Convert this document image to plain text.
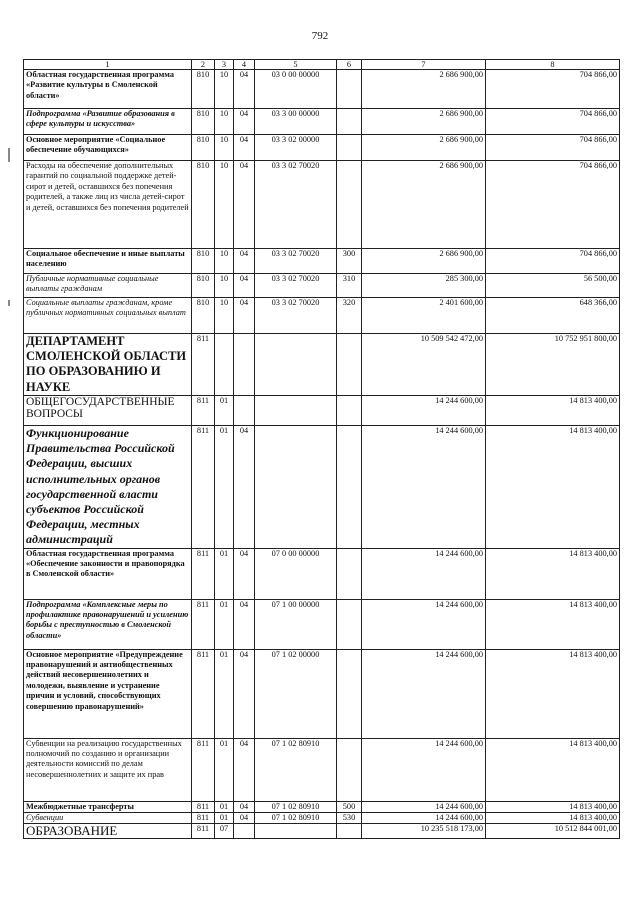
792
1	2	3	4	5	6	7	8
Областная государственная программа «Развитие культуры в Смоленской области»	810	10	04	03 0 00 00000		2 686 900,00	704 866,00
Подпрограмма «Развитие образования в сфере культуры и искусства»	810	10	04	03 3 00 00000		2 686 900,00	704 866,00
Основное мероприятие «Социальное обеспечение обучающихся»	810	10	04	03 3 02 00000		2 686 900,00	704 866,00
Расходы на обеспечение дополнительных гарантий по социальной поддержке детей-сирот и детей, оставшихся без попечения родителей, а также лиц из числа детей-сирот и детей, оставшихся без попечения родителей	810	10	04	03 3 02 70020		2 686 900,00	704 866,00
Социальное обеспечение и иные выплаты населению	810	10	04	03 3 02 70020	300	2 686 900,00	704 866,00
Публичные нормативные социальные выплаты гражданам	810	10	04	03 3 02 70020	310	285 300,00	56 500,00
Социальные выплаты гражданам, кроме публичных нормативных социальных выплат	810	10	04	03 3 02 70020	320	2 401 600,00	648 366,00
ДЕПАРТАМЕНТ СМОЛЕНСКОЙ ОБЛАСТИ ПО ОБРАЗОВАНИЮ И НАУКЕ	811					10 509 542 472,00	10 752 951 800,00
ОБЩЕГОСУДАРСТВЕННЫЕ ВОПРОСЫ	811	01				14 244 600,00	14 813 400,00
Функционирование Правительства Российской Федерации, высших исполнительных органов государственной власти субъектов Российской Федерации, местных администраций	811	01	04			14 244 600,00	14 813 400,00
Областная государственная программа «Обеспечение законности и правопорядка в Смоленской области»	811	01	04	07 0 00 00000		14 244 600,00	14 813 400,00
Подпрограмма «Комплексные меры по профилактике правонарушений и усилению борьбы с преступностью в Смоленской области»	811	01	04	07 1 00 00000		14 244 600,00	14 813 400,00
Основное мероприятие «Предупреждение правонарушений и антиобщественных действий несовершеннолетних и молодежи, выявление и устранение причин и условий, способствующих совершению правонарушений»	811	01	04	07 1 02 00000		14 244 600,00	14 813 400,00
Субвенции на реализацию государственных полномочий по созданию и организации деятельности комиссий по делам несовершеннолетних и защите их прав	811	01	04	07 1 02 80910		14 244 600,00	14 813 400,00
Межбюджетные трансферты	811	01	04	07 1 02 80910	500	14 244 600,00	14 813 400,00
Субвенции	811	01	04	07 1 02 80910	530	14 244 600,00	14 813 400,00
ОБРАЗОВАНИЕ	811	07				10 235 518 173,00	10 512 844 001,00
